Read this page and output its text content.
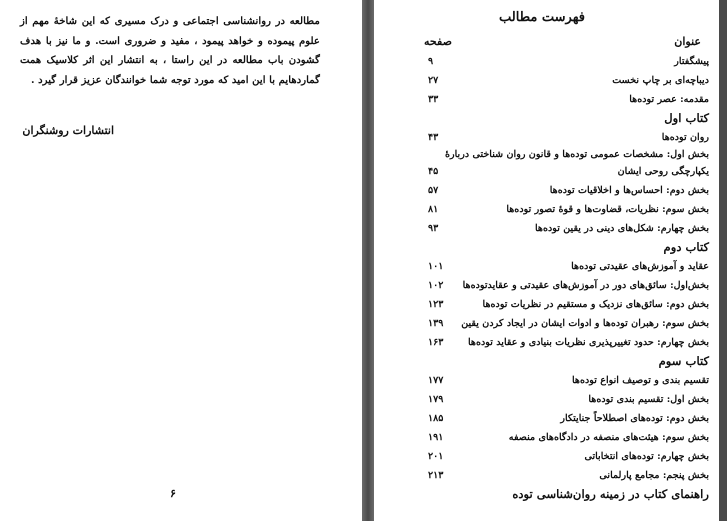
مطالعه در روانشناسی اجتماعی و درک مسیری که این شاخهٔ مهم از علوم پیموده و خواهد پیمود ، مفید و ضروری است. و ما نیز با هدف گشودن باب مطالعه در این راستا ، به انتشار این اثر کلاسیک همت گماردهایم با این امید که مورد توجه شما خوانندگان عزیز قرار گیرد .

انتشارات روشنگران

۶
فهرست مطالب
عنوان
صفحه
پیشگفتار
۹
دیباچه‌ای بر چاپ نخست
۲۷
مقدمه: عصر توده‌ها
۳۳
کتاب اول
روان توده‌ها
۴۳
بخش اول: مشخصات عمومی توده‌ها و قانون روان شناختی دربارهٔ
یکپارچگی روحی ایشان
۴۵
بخش دوم: احساس‌ها و اخلاقیات توده‌ها
۵۷
بخش سوم: نظریات، قضاوت‌ها و قوهٔ تصور توده‌ها
۸۱
بخش چهارم: شکل‌های دینی در یقین توده‌ها
۹۳
کتاب دوم
عقاید و آموزش‌های عقیدتی توده‌ها
۱۰۱
بخش‌اول: سائق‌های دور در آموزش‌های عقیدتی و عقایدتوده‌ها
۱۰۲
بخش دوم: سائق‌های نزدیک و مستقیم در نظریات توده‌ها
۱۲۳
بخش سوم: رهبران توده‌ها و ادوات ایشان در ایجاد کردن یقین
۱۳۹
بخش چهارم: حدود تغییرپذیری نظریات بنیادی و عقاید توده‌ها
۱۶۳
کتاب سوم
تقسیم بندی و توصیف انواع توده‌ها
۱۷۷
بخش اول: تقسیم بندی توده‌ها
۱۷۹
بخش دوم: توده‌های اصطلاحاً جنایتکار
۱۸۵
بخش سوم: هیئت‌های منصفه در دادگاه‌های منصفه
۱۹۱
بخش چهارم: توده‌های انتخاباتی
۲۰۱
بخش پنجم: مجامع پارلمانی
۲۱۳
راهنمای کتاب در زمینه روان‌شناسی توده
